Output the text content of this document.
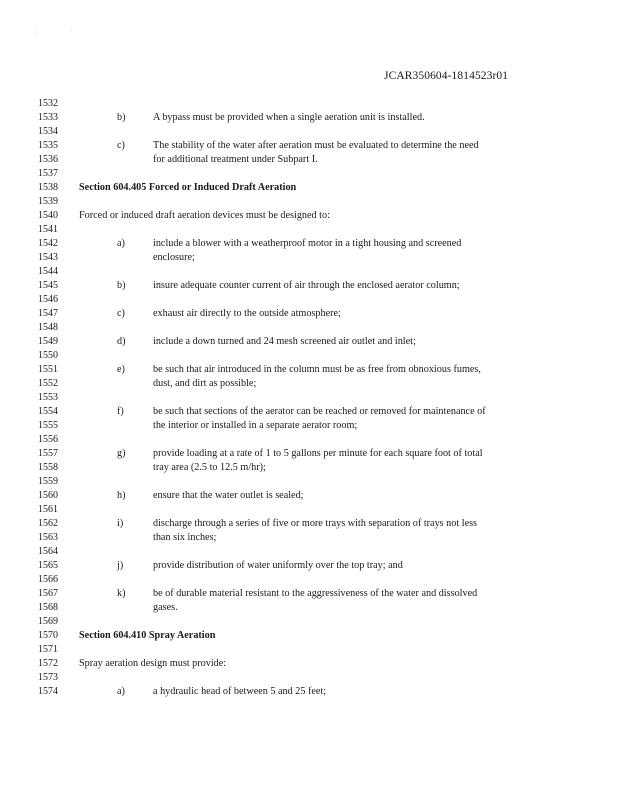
,	'
JCAR350604-1814523r01
1532
1533
1534
1535
1536
1537
1538
1539
1540
1541
1542
1543
1544
1545
1546
1547
1548
1549
1550
1551
1552
1553
1554
1555
1556
1557
1558
1559
1560
1561
1562
1563
1564
1565
1566
1567
1568
1569
1570
1571
1572
1573
1574
b)	A bypass must be provided when a single aeration unit is installed.
c)	The stability of the water after aeration must be evaluated to determine the need
for additional treatment under Subpart I.
Section 604.405 Forced or Induced Draft Aeration
Forced or induced draft aeration devices must be designed to:
a)	include a blower with a weatherproof motor in a tight housing and screened
enclosure;
b)	insure adequate counter current of air through the enclosed aerator column;
c)	exhaust air directly to the outside atmosphere;
d)	include a down turned and 24 mesh screened air outlet and inlet;
e)	be such that air introduced in the column must be as free from obnoxious fumes,
dust, and dirt as possible;
f)	be such that sections of the aerator can be reached or removed for maintenance of
the interior or installed in a separate aerator room;
g)	provide loading at a rate of 1 to 5 gallons per minute for each square foot of total
tray area (2.5 to 12.5 m/hr);
h)	ensure that the water outlet is sealed;
i)	discharge through a series of five or more trays with separation of trays not less
than six inches;
j)	provide distribution of water uniformly over the top tray; and
k)	be of durable material resistant to the aggressiveness of the water and dissolved
gases.
Section 604.410 Spray Aeration
Spray aeration design must provide:
a)	a hydraulic head of between 5 and 25 feet;
